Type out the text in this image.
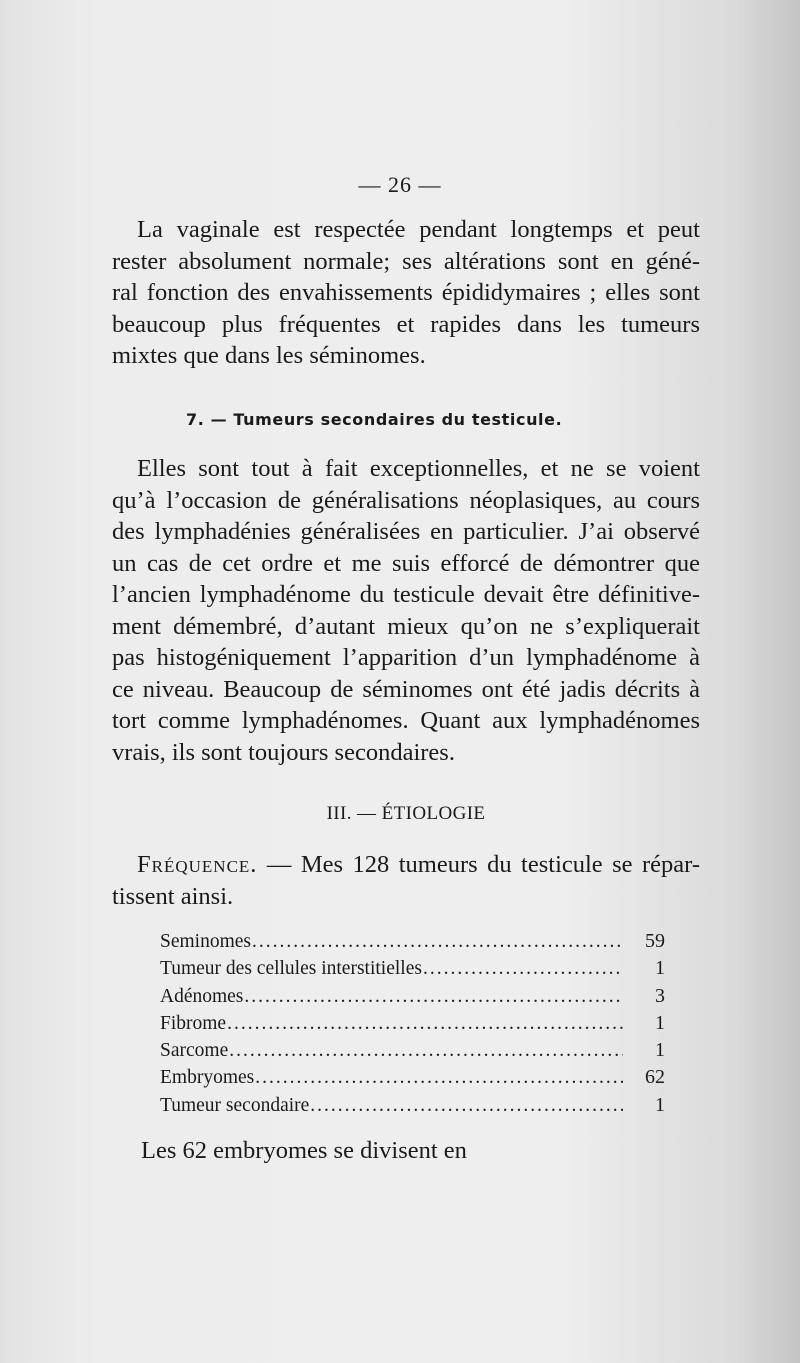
— 26 —
La vaginale est respectée pendant longtemps et peut
rester absolument normale; ses altérations sont en géné-
ral fonction des envahissements épididymaires ; elles sont
beaucoup plus fréquentes et rapides dans les tumeurs
mixtes que dans les séminomes.
7. — Tumeurs secondaires du testicule.
Elles sont tout à fait exceptionnelles, et ne se voient
qu’à l’occasion de généralisations néoplasiques, au cours
des lymphadénies généralisées en particulier. J’ai observé
un cas de cet ordre et me suis efforcé de démontrer que
l’ancien lymphadénome du testicule devait être définitive-
ment démembré, d’autant mieux qu’on ne s’expliquerait
pas histogéniquement l’apparition d’un lymphadénome à
ce niveau. Beaucoup de séminomes ont été jadis décrits à
tort comme lymphadénomes. Quant aux lymphadénomes
vrais, ils sont toujours secondaires.
III. — ÉTIOLOGIE
Fréquence. — Mes 128 tumeurs du testicule se répar-
tissent ainsi.
Seminomes .....	59
Tumeur des cellules interstitielles .....	1
Adénomes .....	3
Fibrome .....	1
Sarcome .....	1
Embryomes .....	62
Tumeur secondaire .....	1
Les 62 embryomes se divisent en
